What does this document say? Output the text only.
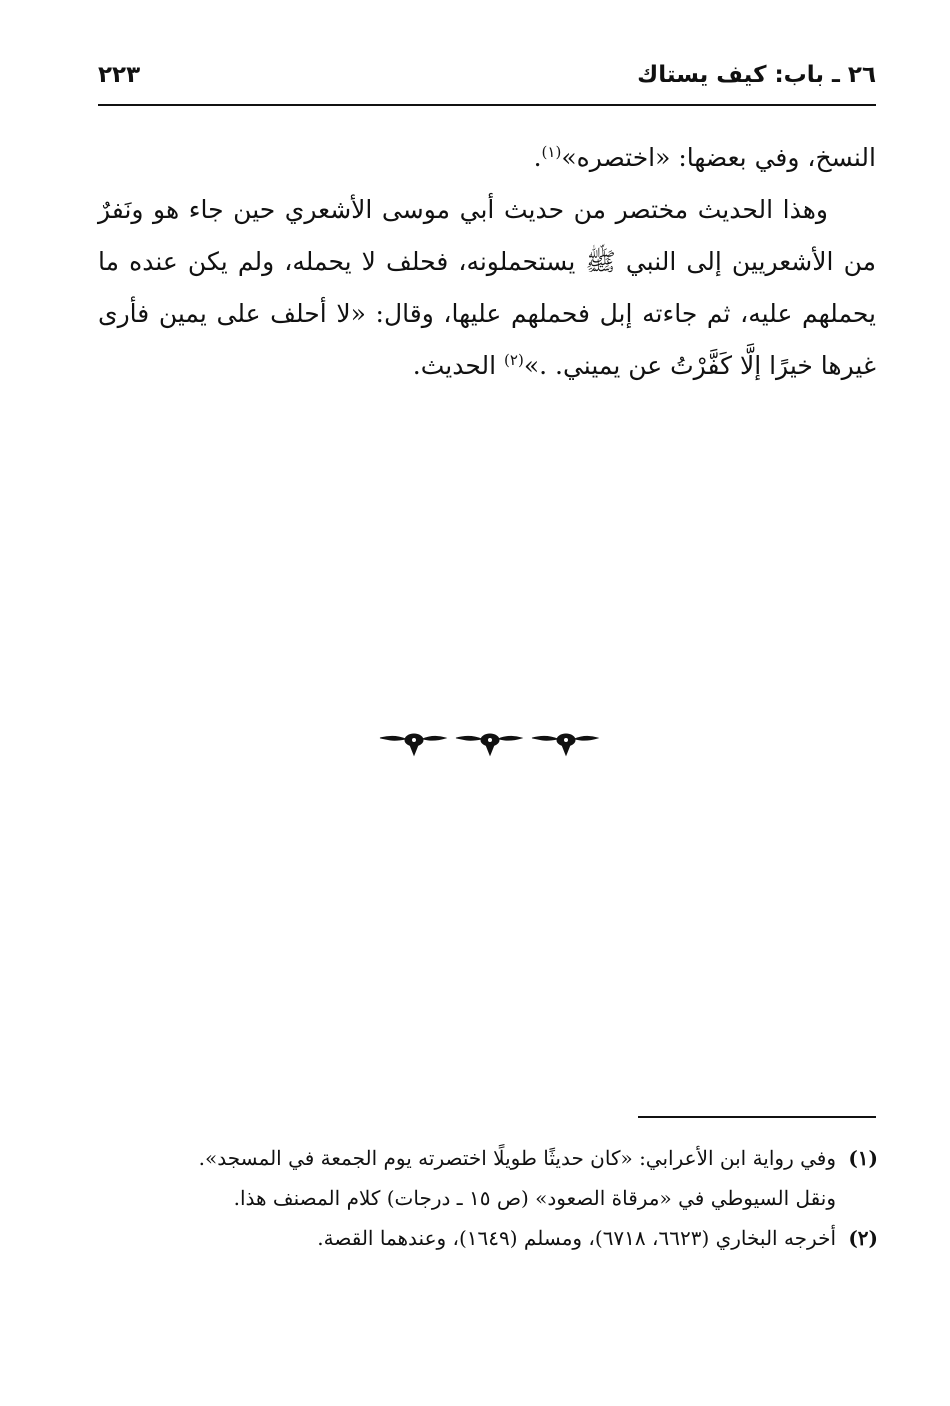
٢٦ ـ باب: كيف يستاك
٢٢٣

النسخ، وفي بعضها: «اختصره»$^{(١)}$.

وهذا الحديث مختصر من حديث أبي موسى الأشعري حين جاء هو ونَفرٌ من الأشعريين إلى النبي ﷺ يستحملونه، فحلف لا يحمله، ولم يكن عنده ما يحملهم عليه، ثم جاءته إبل فحملهم عليها، وقال: «لا أحلف على يمين فأرى غيرها خيرًا إلَّا كَفَّرْتُ عن يميني. .»$^{(٢)}$ الحديث.

(١)

وفي رواية ابن الأعرابي: «كان حديثًا طويلًا اختصرته يوم الجمعة في المسجد».

ونقل السيوطي في «مرقاة الصعود» (ص ١٥ ـ درجات) كلام المصنف هذا.

(٢)

أخرجه البخاري (٦٦٢٣، ٦٧١٨)، ومسلم (١٦٤٩)، وعندهما القصة.
